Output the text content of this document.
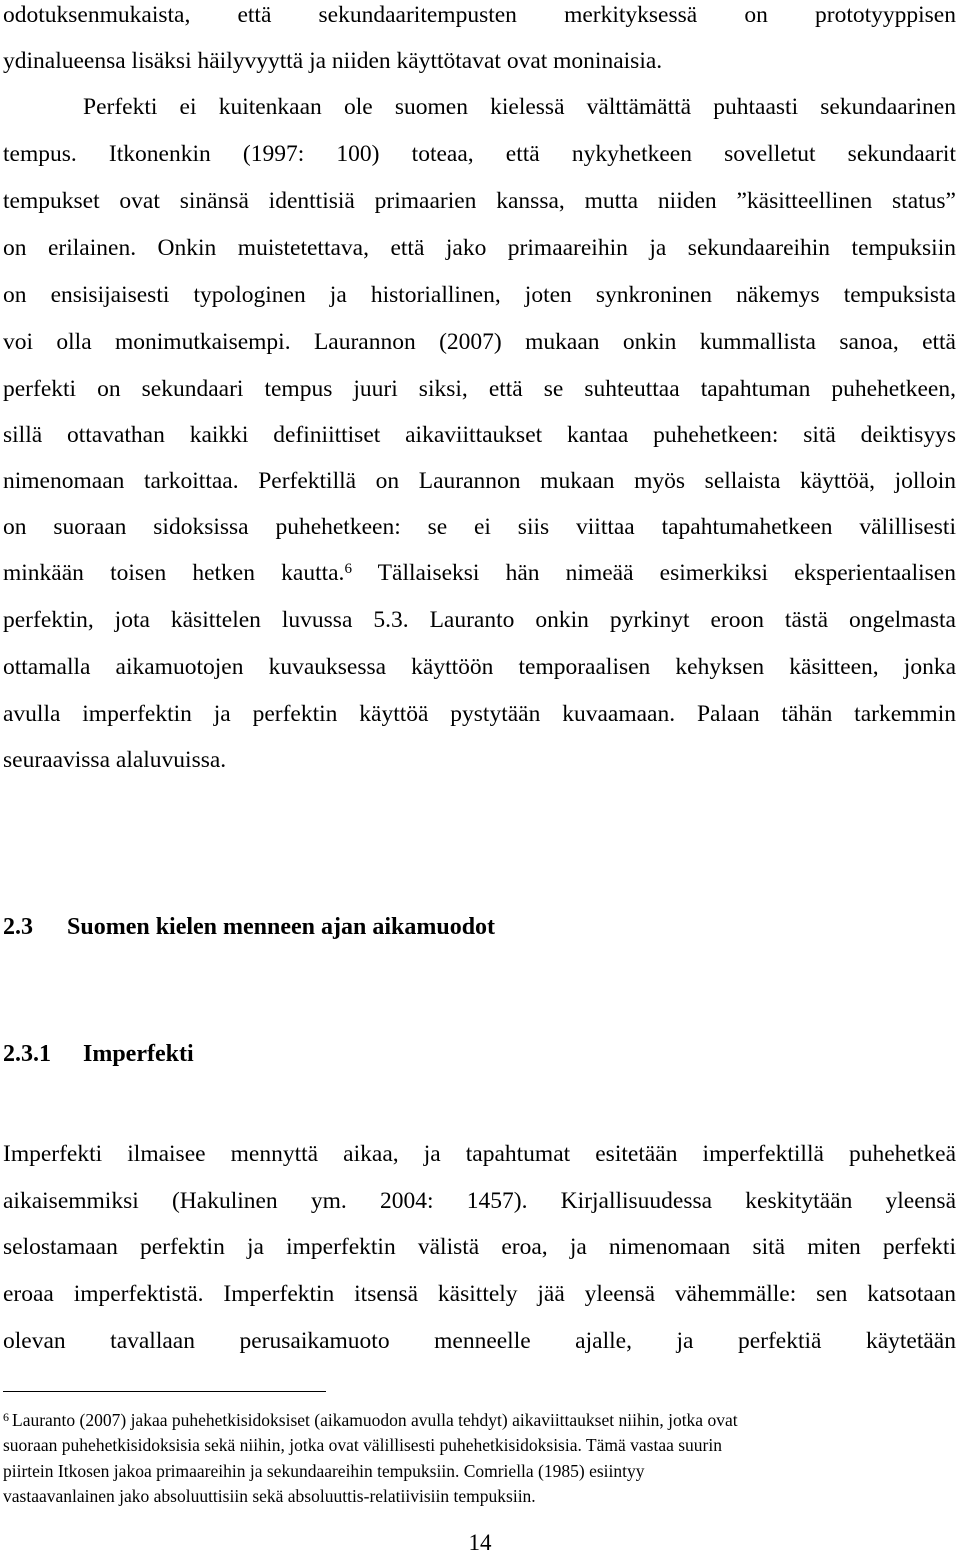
odotuksenmukaista, että sekundaaritempusten merkityksessä on prototyyppisen
ydinalueensa lisäksi häilyvyyttä ja niiden käyttötavat ovat moninaisia.
Perfekti ei kuitenkaan ole suomen kielessä välttämättä puhtaasti sekundaarinen
tempus. Itkonenkin (1997: 100) toteaa, että nykyhetkeen sovelletut sekundaarit
tempukset ovat sinänsä identtisiä primaarien kanssa, mutta niiden ”käsitteellinen status”
on erilainen. Onkin muistetettava, että jako primaareihin ja sekundaareihin tempuksiin
on ensisijaisesti typologinen ja historiallinen, joten synkroninen näkemys tempuksista
voi olla monimutkaisempi. Laurannon (2007) mukaan onkin kummallista sanoa, että
perfekti on sekundaari tempus juuri siksi, että se suhteuttaa tapahtuman puhehetkeen,
sillä ottavathan kaikki definiittiset aikaviittaukset kantaa puhehetkeen: sitä deiktisyys
nimenomaan tarkoittaa. Perfektillä on Laurannon mukaan myös sellaista käyttöä, jolloin
on suoraan sidoksissa puhehetkeen: se ei siis viittaa tapahtumahetkeen välillisesti
minkään toisen hetken kautta.$^6$ Tällaiseksi hän nimeää esimerkiksi eksperientaalisen
perfektin, jota käsittelen luvussa 5.3. Lauranto onkin pyrkinyt eroon tästä ongelmasta
ottamalla aikamuotojen kuvauksessa käyttöön temporaalisen kehyksen käsitteen, jonka
avulla imperfektin ja perfektin käyttöä pystytään kuvaamaan. Palaan tähän tarkemmin
seuraavissa alaluvuissa.
2.3 Suomen kielen menneen ajan aikamuodot
2.3.1 Imperfekti
Imperfekti ilmaisee mennyttä aikaa, ja tapahtumat esitetään imperfektillä puhehetkeä
aikaisemmiksi (Hakulinen ym. 2004: 1457). Kirjallisuudessa keskitytään yleensä
selostamaan perfektin ja imperfektin välistä eroa, ja nimenomaan sitä miten perfekti
eroaa imperfektistä. Imperfektin itsensä käsittely jää yleensä vähemmälle: sen katsotaan
olevan tavallaan perusaikamuoto menneelle ajalle, ja perfektiä käytetään
$^6$ Lauranto (2007) jakaa puhehetkisidoksiset (aikamuodon avulla tehdyt) aikaviittaukset niihin, jotka ovat
suoraan puhehetkisidoksisia sekä niihin, jotka ovat välillisesti puhehetkisidoksisia. Tämä vastaa suurin
piirtein Itkosen jakoa primaareihin ja sekundaareihin tempuksiin. Comriella (1985) esiintyy
vastaavanlainen jako absoluuttisiin sekä absoluuttis-relatiivisiin tempuksiin.
14
